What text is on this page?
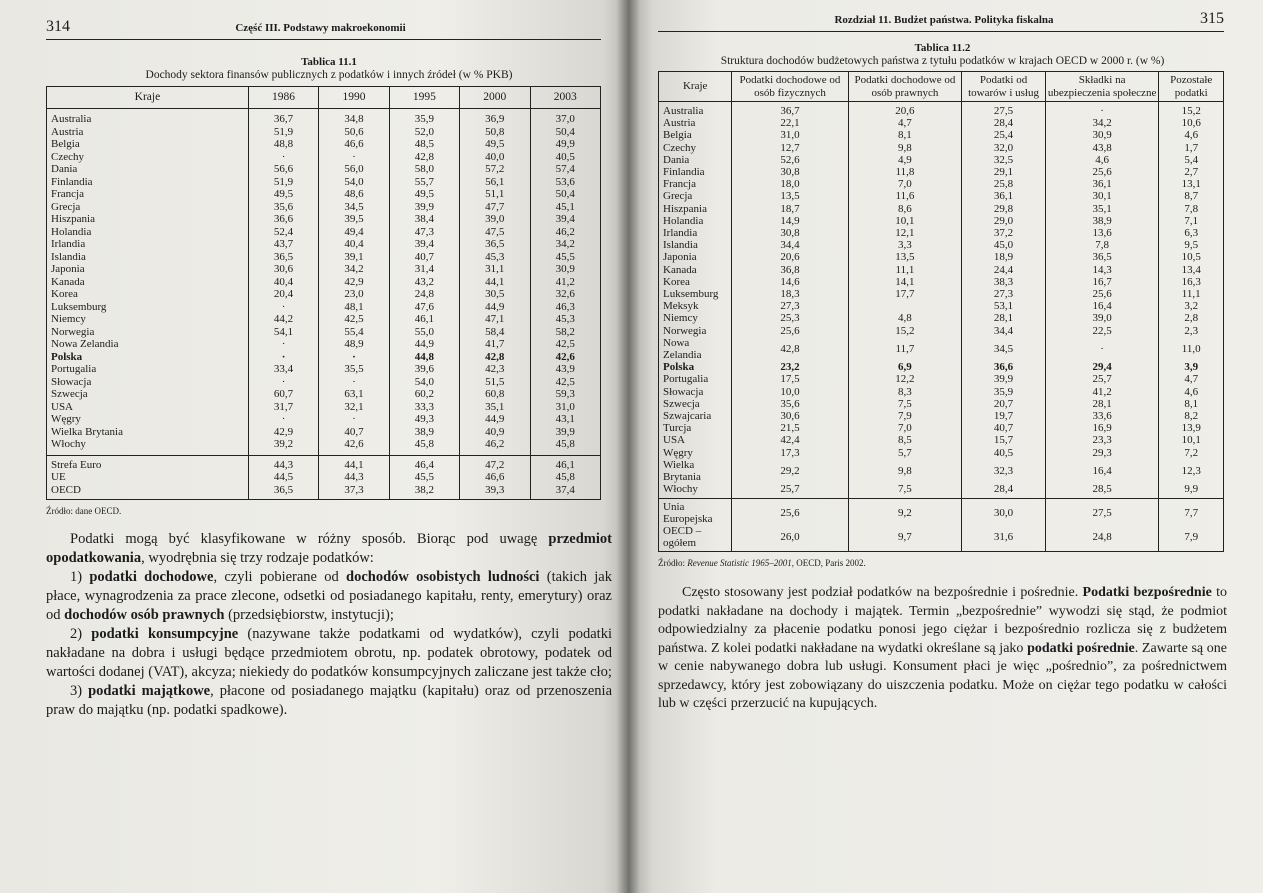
314	Część III. Podstawy makroekonomii
Tablica 11.1
Dochody sektora finansów publicznych z podatków i innych źródeł (w % PKB)
Kraje	1986	1990	1995	2000	2003
Australia	36,7	34,8	35,9	36,9	37,0
Austria	51,9	50,6	52,0	50,8	50,4
Belgia	48,8	46,6	48,5	49,5	49,9
Czechy	·	·	42,8	40,0	40,5
Dania	56,6	56,0	58,0	57,2	57,4
Finlandia	51,9	54,0	55,7	56,1	53,6
Francja	49,5	48,6	49,5	51,1	50,4
Grecja	35,6	34,5	39,9	47,7	45,1
Hiszpania	36,6	39,5	38,4	39,0	39,4
Holandia	52,4	49,4	47,3	47,5	46,2
Irlandia	43,7	40,4	39,4	36,5	34,2
Islandia	36,5	39,1	40,7	45,3	45,5
Japonia	30,6	34,2	31,4	31,1	30,9
Kanada	40,4	42,9	43,2	44,1	41,2
Korea	20,4	23,0	24,8	30,5	32,6
Luksemburg	·	48,1	47,6	44,9	46,3
Niemcy	44,2	42,5	46,1	47,1	45,3
Norwegia	54,1	55,4	55,0	58,4	58,2
Nowa Zelandia	·	48,9	44,9	41,7	42,5
Polska	·	·	44,8	42,8	42,6
Portugalia	33,4	35,5	39,6	42,3	43,9
Słowacja	·	·	54,0	51,5	42,5
Szwecja	60,7	63,1	60,2	60,8	59,3
USA	31,7	32,1	33,3	35,1	31,0
Węgry	·	·	49,3	44,9	43,1
Wielka Brytania	42,9	40,7	38,9	40,9	39,9
Włochy	39,2	42,6	45,8	46,2	45,8
Strefa Euro	44,3	44,1	46,4	47,2	46,1
UE	44,5	44,3	45,5	46,6	45,8
OECD	36,5	37,3	38,2	39,3	37,4
Źródło: dane OECD.

Podatki mogą być klasyfikowane w różny sposób. Biorąc pod uwagę przedmiot opodatkowania, wyodrębnia się trzy rodzaje podatków:

1) podatki dochodowe, czyli pobierane od dochodów osobistych ludności (takich jak płace, wynagrodzenia za prace zlecone, odsetki od posiadanego kapitału, renty, emerytury) oraz od dochodów osób prawnych (przedsiębiorstw, instytucji);

2) podatki konsumpcyjne (nazywane także podatkami od wydatków), czyli podatki nakładane na dobra i usługi będące przedmiotem obrotu, np. podatek obrotowy, podatek od wartości dodanej (VAT), akcyza; niekiedy do podatków konsumpcyjnych zaliczane jest także cło;

3) podatki majątkowe, płacone od posiadanego majątku (kapitału) oraz od przenoszenia praw do majątku (np. podatki spadkowe).

Rozdział 11. Budżet państwa. Polityka fiskalna	315
Tablica 11.2
Struktura dochodów budżetowych państwa z tytułu podatków w krajach OECD w 2000 r. (w %)
Kraje	Podatki dochodowe od osób fizycznych	Podatki dochodowe od osób prawnych	Podatki od towarów i usług	Składki na ubezpieczenia społeczne	Pozostałe podatki
Australia	36,7	20,6	27,5	·	15,2
Austria	22,1	4,7	28,4	34,2	10,6
Belgia	31,0	8,1	25,4	30,9	4,6
Czechy	12,7	9,8	32,0	43,8	1,7
Dania	52,6	4,9	32,5	4,6	5,4
Finlandia	30,8	11,8	29,1	25,6	2,7
Francja	18,0	7,0	25,8	36,1	13,1
Grecja	13,5	11,6	36,1	30,1	8,7
Hiszpania	18,7	8,6	29,8	35,1	7,8
Holandia	14,9	10,1	29,0	38,9	7,1
Irlandia	30,8	12,1	37,2	13,6	6,3
Islandia	34,4	3,3	45,0	7,8	9,5
Japonia	20,6	13,5	18,9	36,5	10,5
Kanada	36,8	11,1	24,4	14,3	13,4
Korea	14,6	14,1	38,3	16,7	16,3
Luksemburg	18,3	17,7	27,3	25,6	11,1
Meksyk	27,3		53,1	16,4	3,2
Niemcy	25,3	4,8	28,1	39,0	2,8
Norwegia	25,6	15,2	34,4	22,5	2,3
Nowa Zelandia	42,8	11,7	34,5	·	11,0
Polska	23,2	6,9	36,6	29,4	3,9
Portugalia	17,5	12,2	39,9	25,7	4,7
Słowacja	10,0	8,3	35,9	41,2	4,6
Szwecja	35,6	7,5	20,7	28,1	8,1
Szwajcaria	30,6	7,9	19,7	33,6	8,2
Turcja	21,5	7,0	40,7	16,9	13,9
USA	42,4	8,5	15,7	23,3	10,1
Węgry	17,3	5,7	40,5	29,3	7,2
Wielka Brytania	29,2	9,8	32,3	16,4	12,3
Włochy	25,7	7,5	28,4	28,5	9,9
Unia Europejska	25,6	9,2	30,0	27,5	7,7
OECD – ogółem	26,0	9,7	31,6	24,8	7,9
Źródło: Revenue Statistic 1965–2001, OECD, Paris 2002.

Często stosowany jest podział podatków na bezpośrednie i pośrednie. Podatki bezpośrednie to podatki nakładane na dochody i majątek. Termin „bezpośrednie” wywodzi się stąd, że podmiot odpowiedzialny za płacenie podatku ponosi jego ciężar i bezpośrednio rozlicza się z budżetem państwa. Z kolei podatki nakładane na wydatki określane są jako podatki pośrednie. Zawarte są one w cenie nabywanego dobra lub usługi. Konsument płaci je więc „pośrednio”, za pośrednictwem sprzedawcy, który jest zobowiązany do uiszczenia podatku. Może on ciężar tego podatku w całości lub w części przerzucić na kupujących.
